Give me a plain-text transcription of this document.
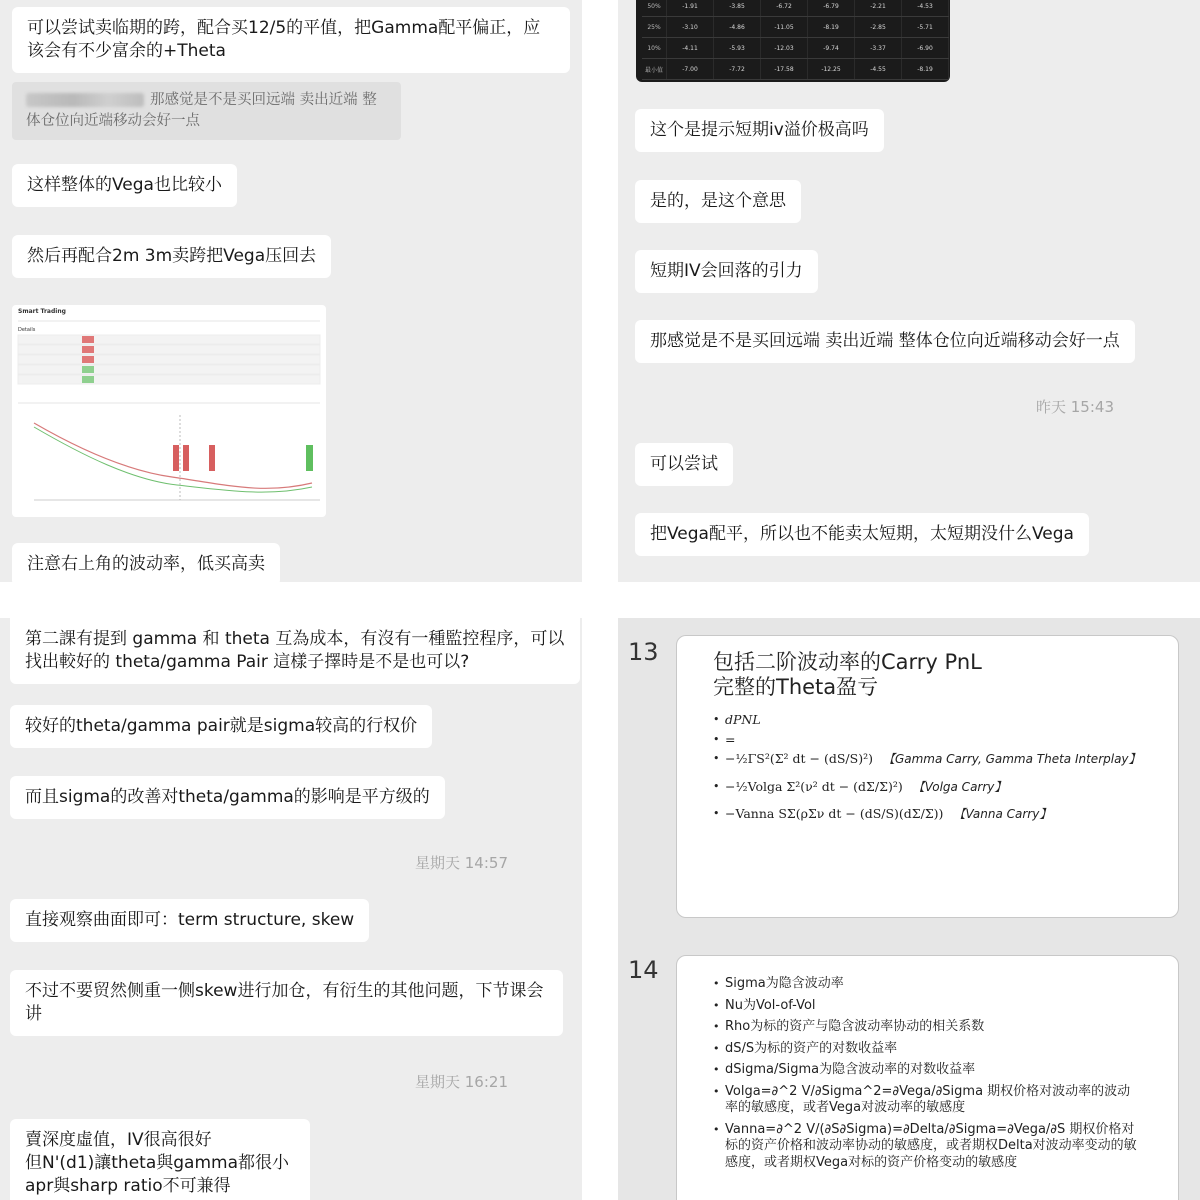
可以尝试卖临期的跨，配合买12/5的平值，把Gamma配平偏正，应该会有不少富余的+Theta
那感觉是不是买回远端 卖出近端 整体仓位向近端移动会好一点
这样整体的Vega也比较小
然后再配合2m 3m卖跨把Vega压回去
Smart Trading
Details
注意右上角的波动率，低买高卖
50%	-1.91	-3.85	-6.72	-6.79	-2.21	-4.53
25%	-3.10	-4.86	-11.05	-8.19	-2.85	-5.71
10%	-4.11	-5.93	-12.03	-9.74	-3.37	-6.90
最小值	-7.00	-7.72	-17.58	-12.25	-4.55	-8.19
这个是提示短期iv溢价极高吗
是的，是这个意思
短期IV会回落的引力
那感觉是不是买回远端 卖出近端 整体仓位向近端移动会好一点
昨天 15:43
可以尝试
把Vega配平，所以也不能卖太短期，太短期没什么Vega
第二課有提到 gamma 和 theta 互為成本，有沒有一種監控程序，可以找出較好的 theta/gamma Pair 這樣子擇時是不是也可以?
较好的theta/gamma pair就是sigma较高的行权价
而且sigma的改善对theta/gamma的影响是平方级的
星期天 14:57
直接观察曲面即可：term structure, skew
不过不要贸然侧重一侧skew进行加仓，有衍生的其他问题，下节课会讲
星期天 16:21
賣深度虛值，IV很高很好
但N'(d1)讓theta與gamma都很小
apr與sharp ratio不可兼得
13	包括二阶波动率的Carry PnL
完整的Theta盈亏
• dPNL
• =
• −½ΓS²(Σ² dt − (dS/S)²) 【Gamma Carry, Gamma Theta Interplay】
• −½Volga Σ²(ν² dt − (dΣ/Σ)²) 【Volga Carry】
• −Vanna SΣ(ρΣν dt − (dS/S)(dΣ/Σ)) 【Vanna Carry】
14	• Sigma为隐含波动率
• Nu为Vol-of-Vol
• Rho为标的资产与隐含波动率协动的相关系数
• dS/S为标的资产的对数收益率
• dSigma/Sigma为隐含波动率的对数收益率
• Volga=∂^2 V/∂Sigma^2=∂Vega/∂Sigma 期权价格对波动率的波动率的敏感度，或者Vega对波动率的敏感度
• Vanna=∂^2 V/(∂S∂Sigma)=∂Delta/∂Sigma=∂Vega/∂S 期权价格对标的资产价格和波动率协动的敏感度，或者期权Delta对波动率变动的敏感度，或者期权Vega对标的资产价格变动的敏感度
